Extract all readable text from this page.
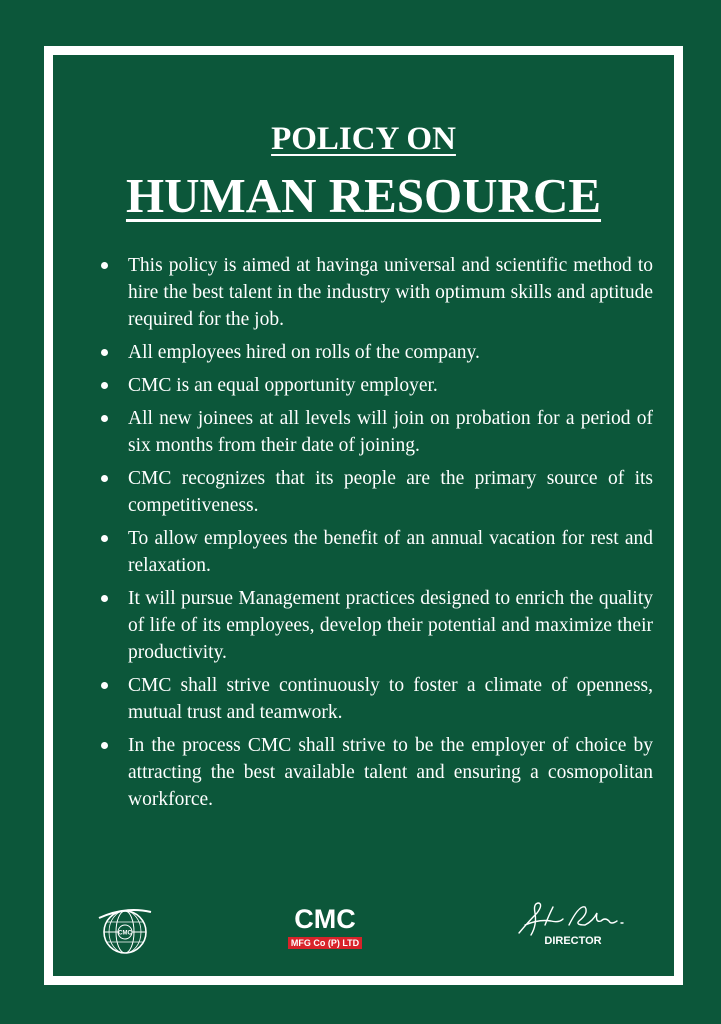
POLICY ON
HUMAN RESOURCE
This policy is aimed at havinga universal and scientific method to hire the best talent in the industry with optimum skills and aptitude required for the job.
All employees hired on rolls of the company.
CMC is an equal opportunity employer.
All new joinees at all levels will join on probation for a period of six months from their date of joining.
CMC recognizes that its people are the primary source of its competitiveness.
To allow employees the benefit of an annual vacation for rest and relaxation.
It will pursue Management practices designed to enrich the quality of life of its employees, develop their potential and maximize their productivity.
CMC shall strive continuously to foster a climate of openness, mutual trust and teamwork.
In the process CMC shall strive to be the employer of choice by attracting the best available talent and ensuring a cosmopolitan workforce.
CMC	CMC
MFG Co (P) LTD	DIRECTOR
